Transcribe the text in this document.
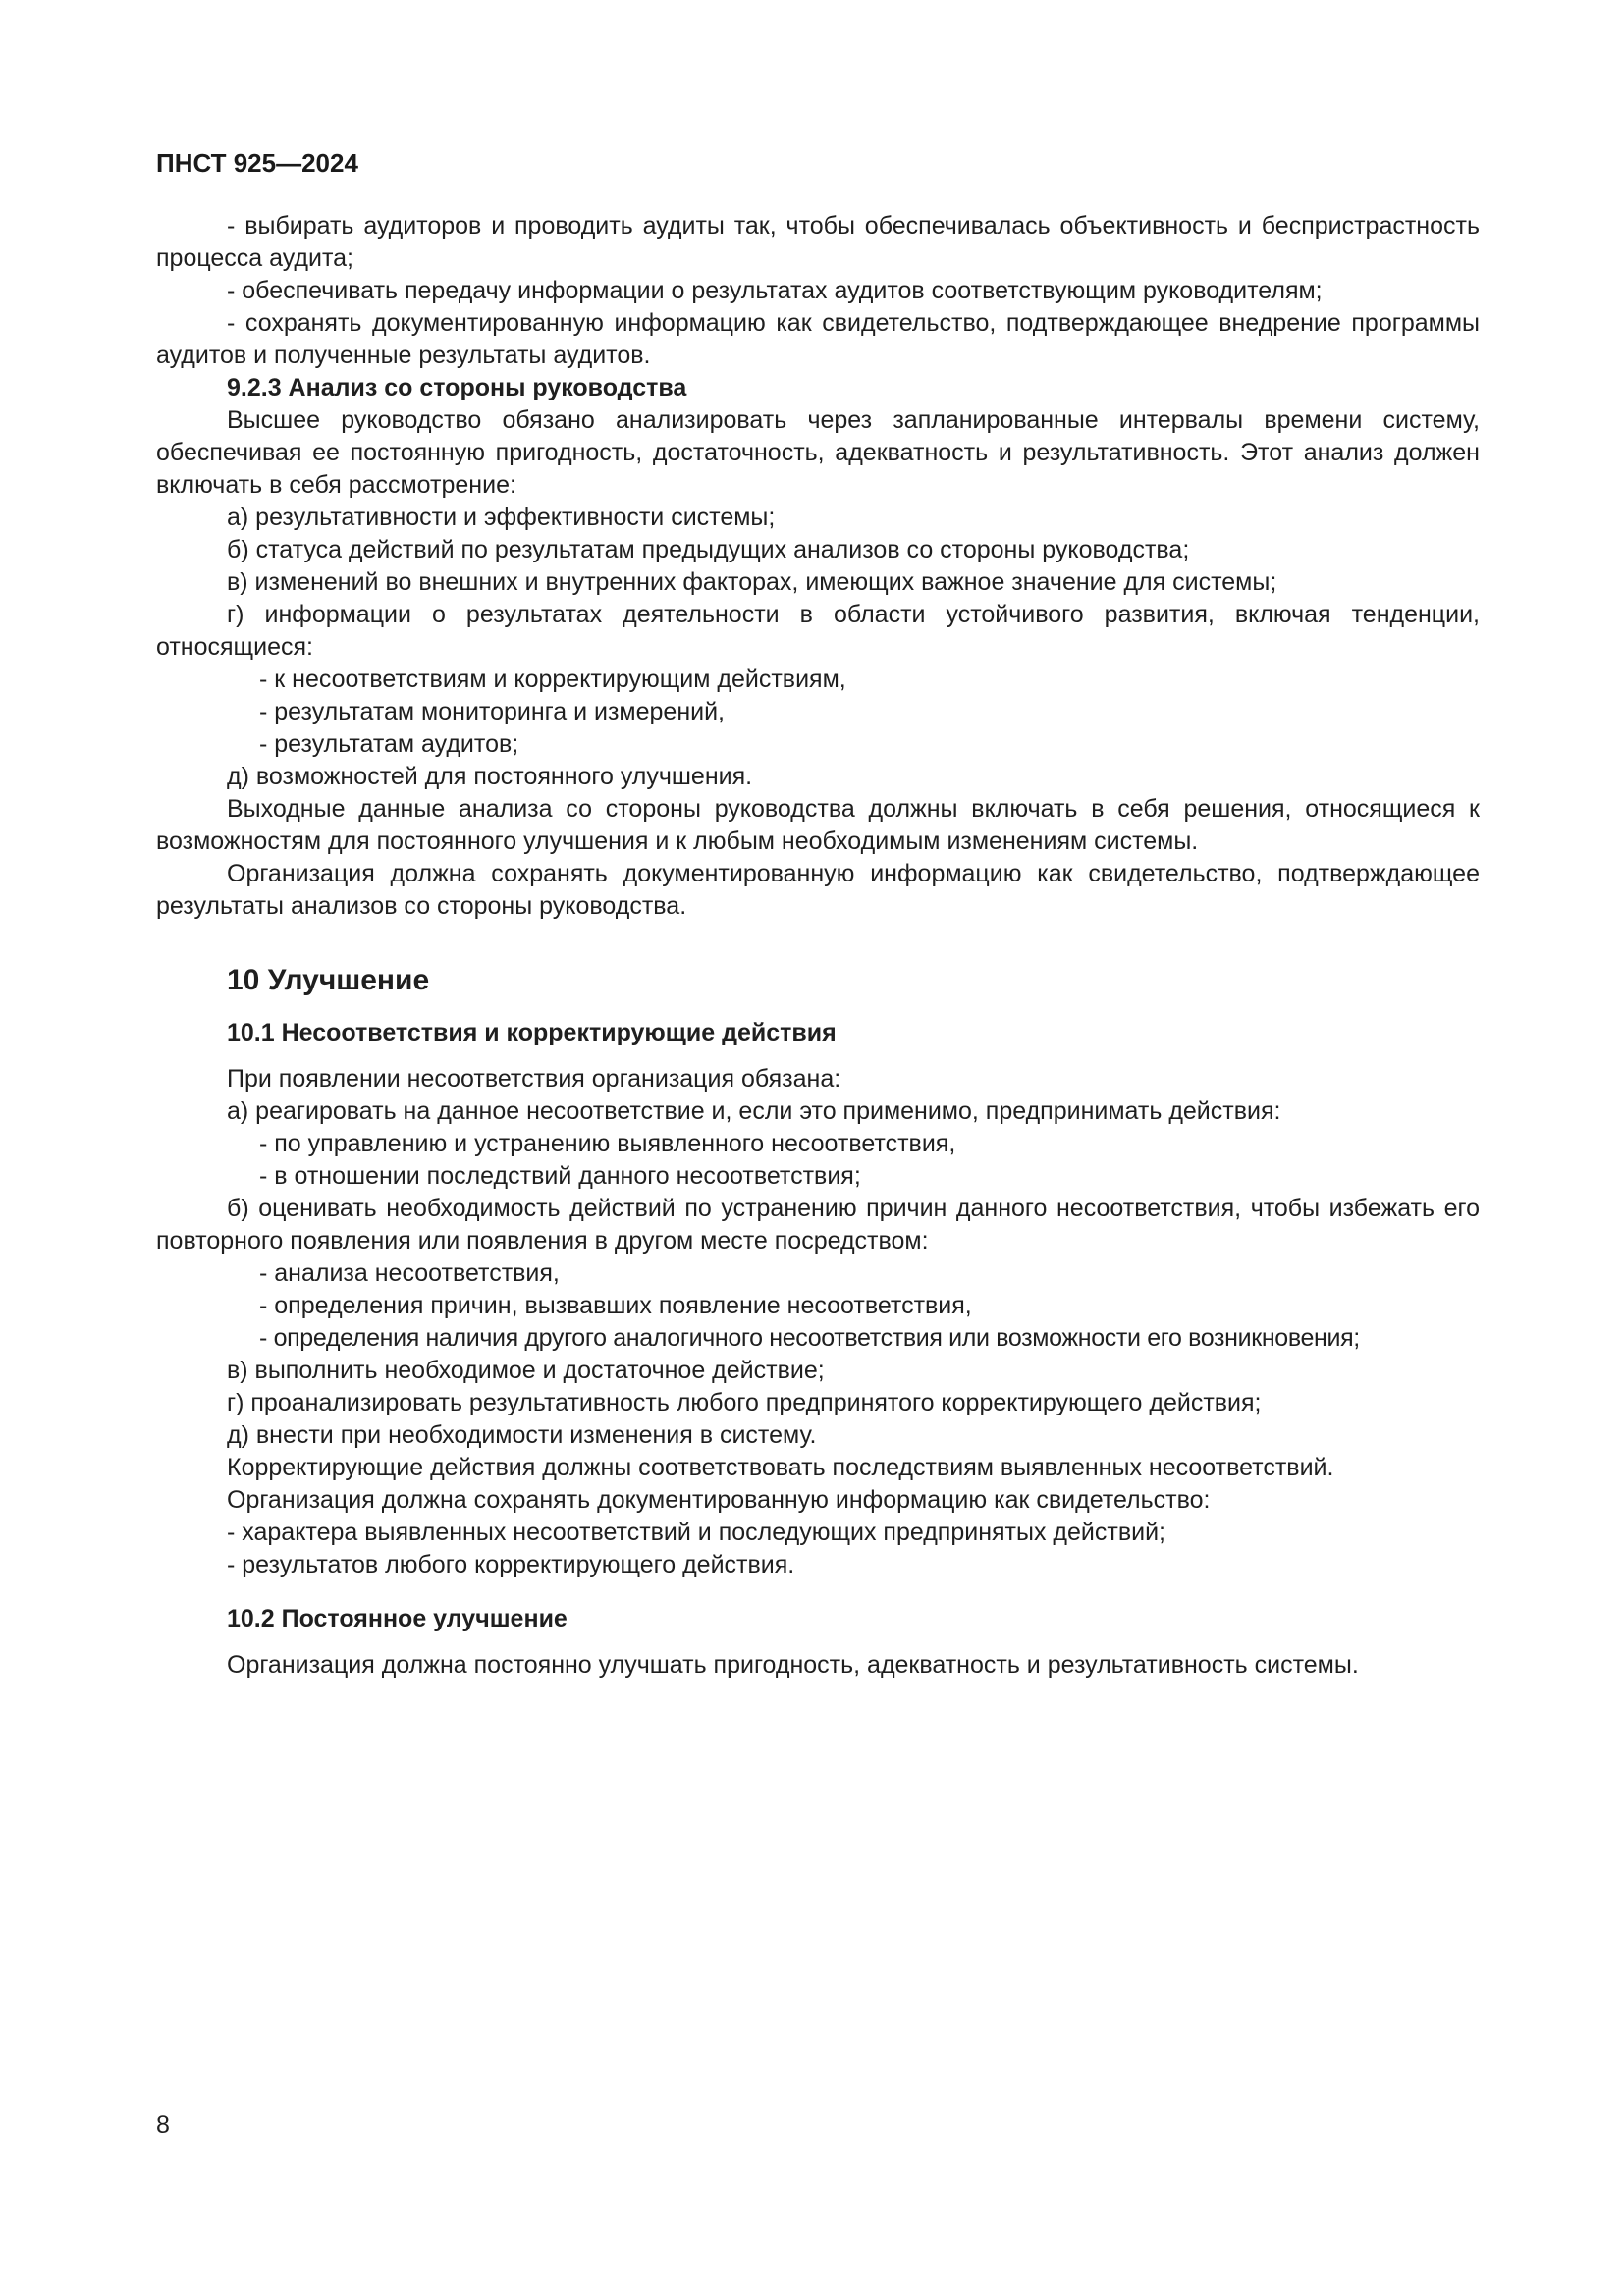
ПНСТ 925—2024

- выбирать аудиторов и проводить аудиты так, чтобы обеспечивалась объективность и беспристрастность процесса аудита;

- обеспечивать передачу информации о результатах аудитов соответствующим руководителям;

- сохранять документированную информацию как свидетельство, подтверждающее внедрение программы аудитов и полученные результаты аудитов.

9.2.3 Анализ со стороны руководства

Высшее руководство обязано анализировать через запланированные интервалы времени систему, обеспечивая ее постоянную пригодность, достаточность, адекватность и результативность. Этот анализ должен включать в себя рассмотрение:

а) результативности и эффективности системы;

б) статуса действий по результатам предыдущих анализов со стороны руководства;

в) изменений во внешних и внутренних факторах, имеющих важное значение для системы;

г) информации о результатах деятельности в области устойчивого развития, включая тенденции, относящиеся:

- к несоответствиям и корректирующим действиям,

- результатам мониторинга и измерений,

- результатам аудитов;

д) возможностей для постоянного улучшения.

Выходные данные анализа со стороны руководства должны включать в себя решения, относящиеся к возможностям для постоянного улучшения и к любым необходимым изменениям системы.

Организация должна сохранять документированную информацию как свидетельство, подтверждающее результаты анализов со стороны руководства.

10 Улучшение
10.1 Несоответствия и корректирующие действия

При появлении несоответствия организация обязана:

а) реагировать на данное несоответствие и, если это применимо, предпринимать действия:

- по управлению и устранению выявленного несоответствия,

- в отношении последствий данного несоответствия;

б) оценивать необходимость действий по устранению причин данного несоответствия, чтобы избежать его повторного появления или появления в другом месте посредством:

- анализа несоответствия,

- определения причин, вызвавших появление несоответствия,

- определения наличия другого аналогичного несоответствия или возможности его возникновения;

в) выполнить необходимое и достаточное действие;

г) проанализировать результативность любого предпринятого корректирующего действия;

д) внести при необходимости изменения в систему.

Корректирующие действия должны соответствовать последствиям выявленных несоответствий.

Организация должна сохранять документированную информацию как свидетельство:

- характера выявленных несоответствий и последующих предпринятых действий;

- результатов любого корректирующего действия.

10.2 Постоянное улучшение

Организация должна постоянно улучшать пригодность, адекватность и результативность системы.

8
